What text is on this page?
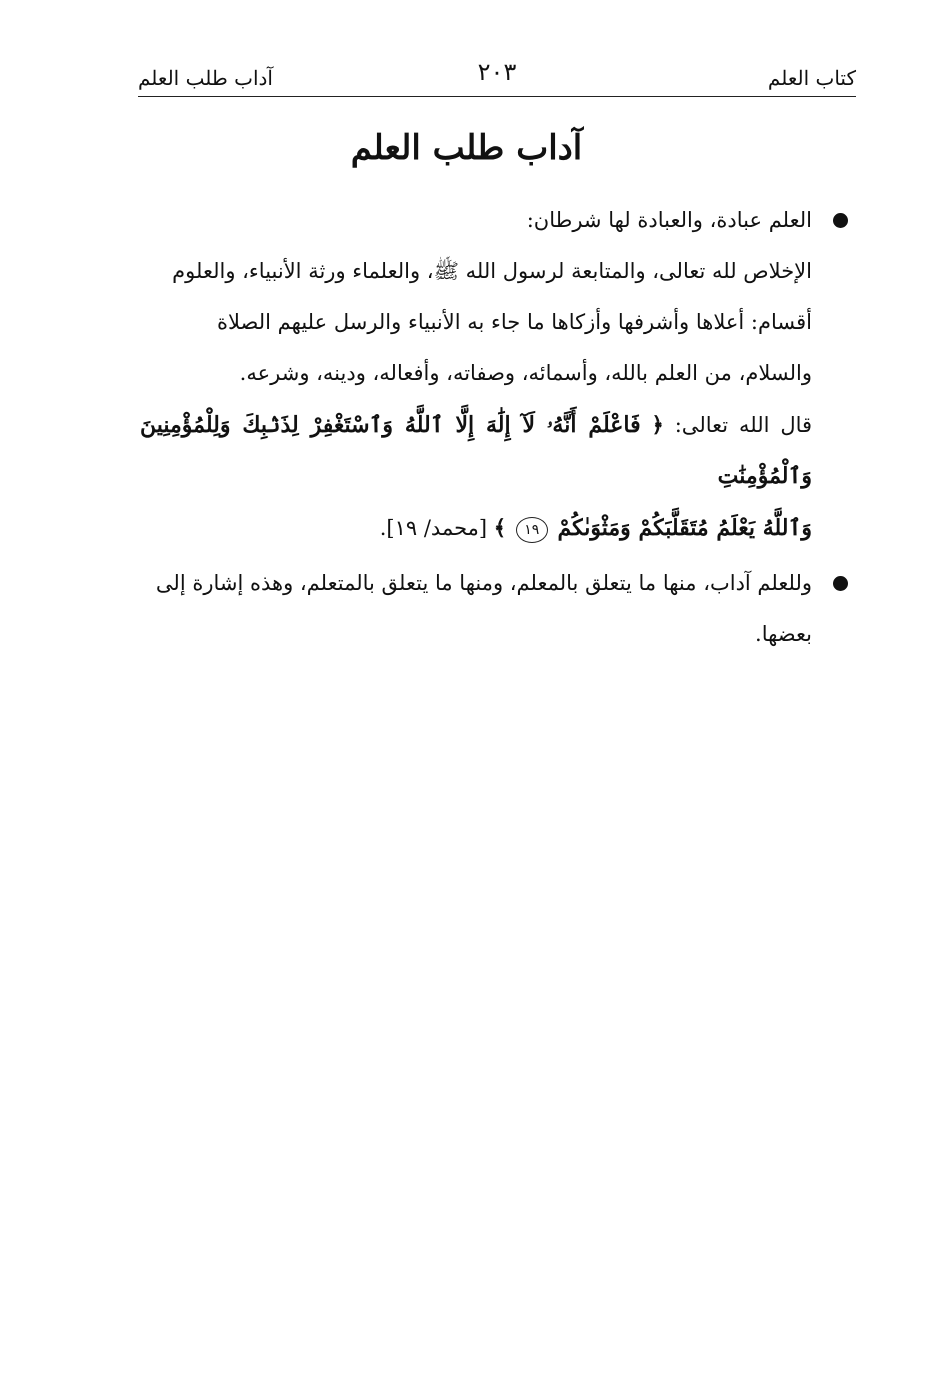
كتاب العلم
٢٠٣
آداب طلب العلم
آداب طلب العلم
العلم عبادة، والعبادة لها شرطان:
الإخلاص لله تعالى، والمتابعة لرسول الله ﷺ، والعلماء ورثة الأنبياء، والعلوم
أقسام: أعلاها وأشرفها وأزكاها ما جاء به الأنبياء والرسل عليهم الصلاة
والسلام، من العلم بالله، وأسمائه، وصفاته، وأفعاله، ودينه، وشرعه.
قال الله تعالى: ﴿ فَاعْلَمْ أَنَّهُۥ لَآ إِلَٰهَ إِلَّا ٱللَّهُ وَٱسْتَغْفِرْ لِذَنۢبِكَ وَلِلْمُؤْمِنِينَ وَٱلْمُؤْمِنَٰتِ
وَٱللَّهُ يَعْلَمُ مُتَقَلَّبَكُمْ وَمَثْوَىٰكُمْ ١٩ ﴾ [محمد/ ١٩].
وللعلم آداب، منها ما يتعلق بالمعلم، ومنها ما يتعلق بالمتعلم، وهذه إشارة إلى
بعضها.
